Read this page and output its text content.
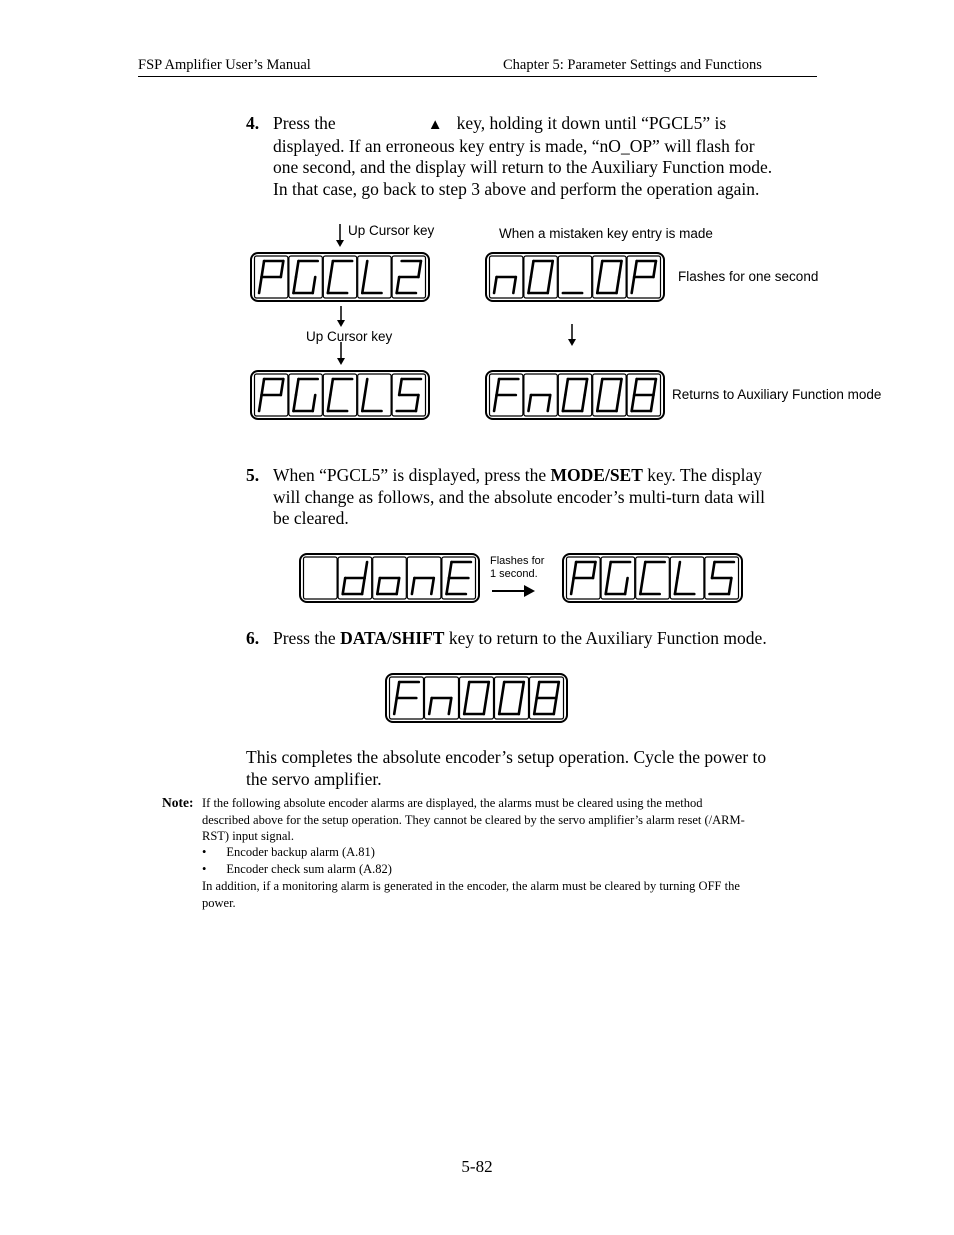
FSP Amplifier User’s Manual	Chapter 5: Parameter Settings and Functions
4. Press the	▲ key, holding it down until “PGCL5” is
displayed. If an erroneous key entry is made, “nO_OP” will flash for
one second, and the display will return to the Auxiliary Function mode.
In that case, go back to step 3 above and perform the operation again.
Up Cursor key	When a mistaken key entry is made
Flashes for one second
Up Cursor key
Returns to Auxiliary Function mode
5. When “PGCL5” is displayed, press the MODE/SET key. The display
will change as follows, and the absolute encoder’s multi-turn data will
be cleared.
Flashes for
1 second.
6. Press the DATA/SHIFT key to return to the Auxiliary Function mode.
This completes the absolute encoder’s setup operation. Cycle the power to
the servo amplifier.
Note: If the following absolute encoder alarms are displayed, the alarms must be cleared using the method
described above for the setup operation. They cannot be cleared by the servo amplifier’s alarm reset (/ARM-
RST) input signal.
• Encoder backup alarm (A.81)
• Encoder check sum alarm (A.82)
In addition, if a monitoring alarm is generated in the encoder, the alarm must be cleared by turning OFF the
power.
5-82
